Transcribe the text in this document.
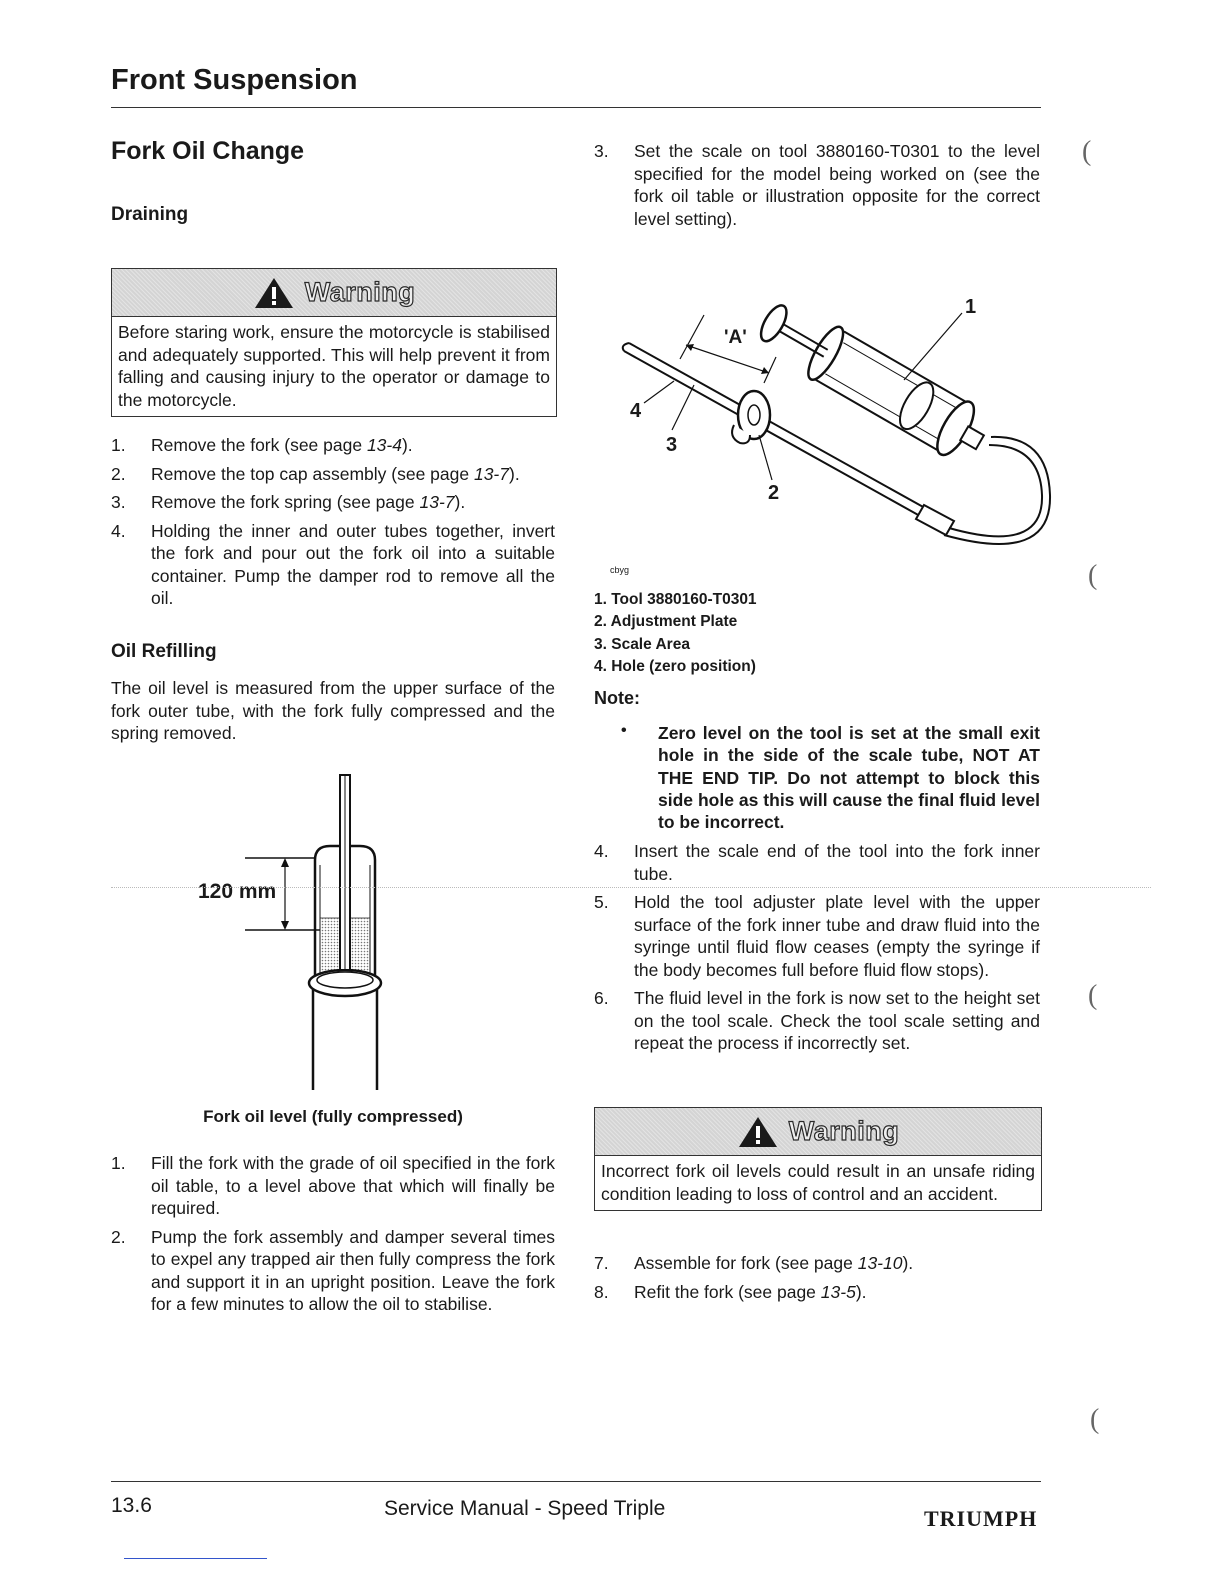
Front Suspension
Fork Oil Change
Draining
Warning
Before staring work, ensure the motorcycle is stabilised and adequately supported. This will help prevent it from falling and causing injury to the operator or damage to the motorcycle.
1. Remove the fork (see page 13-4).
2. Remove the top cap assembly (see page 13-7).
3. Remove the fork spring (see page 13-7).
4. Holding the inner and outer tubes together, invert the fork and pour out the fork oil into a suitable container. Pump the damper rod to remove all the oil.
Oil Refilling
The oil level is measured from the upper surface of the fork outer tube, with the fork fully compressed and the spring removed.
120 mm
Fork oil level (fully compressed)
1. Fill the fork with the grade of oil specified in the fork oil table, to a level above that which will finally be required.
2. Pump the fork assembly and damper several times to expel any trapped air then fully compress the fork and support it in an upright position. Leave the fork for a few minutes to allow the oil to stabilise.
3. Set the scale on tool 3880160-T0301 to the level specified for the model being worked on (see the fork oil table or illustration opposite for the correct level setting).
'A'
1
2
3
4
cbyg
1. Tool 3880160-T0301
2. Adjustment Plate
3. Scale Area
4. Hole (zero position)
Note:
• Zero level on the tool is set at the small exit hole in the side of the scale tube, NOT AT THE END TIP. Do not attempt to block this side hole as this will cause the final fluid level to be incorrect.
4. Insert the scale end of the tool into the fork inner tube.
5. Hold the tool adjuster plate level with the upper surface of the fork inner tube and draw fluid into the syringe until fluid flow ceases (empty the syringe if the body becomes full before fluid flow stops).
6. The fluid level in the fork is now set to the height set on the tool scale. Check the tool scale setting and repeat the process if incorrectly set.
Warning
Incorrect fork oil levels could result in an unsafe riding condition leading to loss of control and an accident.
7. Assemble for fork (see page 13-10).
8. Refit the fork (see page 13-5).
(
(
(
(
13.6	Service Manual - Speed Triple	TRIUMPH
